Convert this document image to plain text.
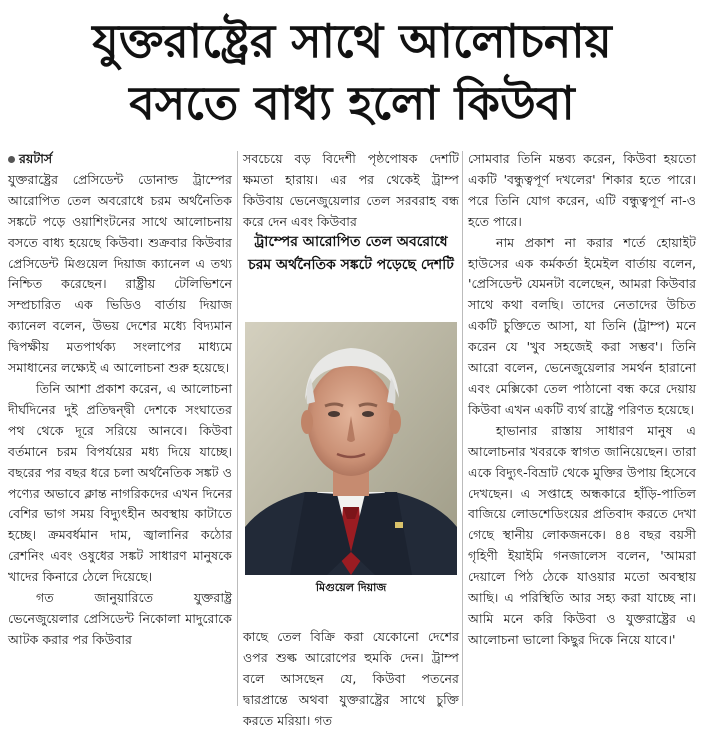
যুক্তরাষ্ট্রের সাথে আলোচনায়
বসতে বাধ্য হলো কিউবা
রয়টার্স

যুক্তরাষ্ট্রের প্রেসিডেন্ট ডোনাল্ড ট্রাম্পের আরোপিত তেল অবরোধে চরম অর্থনৈতিক সঙ্কটে পড়ে ওয়াশিংটনের সাথে আলোচনায় বসতে বাধ্য হয়েছে কিউবা। শুক্রবার কিউবার প্রেসিডেন্ট মিগুয়েল দিয়াজ ক্যানেল এ তথ্য নিশ্চিত করেছেন। রাষ্ট্রীয় টেলিভিশনে সম্প্রচারিত এক ভিডিও বার্তায় দিয়াজ ক্যানেল বলেন, উভয় দেশের মধ্যে বিদ্যমান দ্বিপক্ষীয় মতপার্থক্য সংলাপের মাধ্যমে সমাধানের লক্ষ্যেই এ আলোচনা শুরু হয়েছে।

তিনি আশা প্রকাশ করেন, এ আলোচনা দীর্ঘদিনের দুই প্রতিদ্বন্দ্বী দেশকে সংঘাতের পথ থেকে দূরে সরিয়ে আনবে। কিউবা বর্তমানে চরম বিপর্যয়ের মধ্য দিয়ে যাচ্ছে। বছরের পর বছর ধরে চলা অর্থনৈতিক সঙ্কট ও পণ্যের অভাবে ক্লান্ত নাগরিকদের এখন দিনের বেশির ভাগ সময় বিদ্যুৎহীন অবস্থায় কাটাতে হচ্ছে। ক্রমবর্ধমান দাম, জ্বালানির কঠোর রেশনিং এবং ওষুধের সঙ্কট সাধারণ মানুষকে খাদের কিনারে ঠেলে দিয়েছে।

গত জানুয়ারিতে যুক্তরাষ্ট্র ভেনেজুয়েলার প্রেসিডেন্ট নিকোলা মাদুরোকে আটক করার পর কিউবার

সবচেয়ে বড় বিদেশী পৃষ্ঠপোষক দেশটি ক্ষমতা হারায়। এর পর থেকেই ট্রাম্প কিউবায় ভেনেজুয়েলার তেল সরবরাহ বন্ধ করে দেন এবং কিউবার

ট্রাম্পের আরোপিত তেল অবরোধে চরম অর্থনৈতিক সঙ্কটে পড়েছে দেশটি
মিগুয়েল দিয়াজ

কাছে তেল বিক্রি করা যেকোনো দেশের ওপর শুল্ক আরোপের হুমকি দেন। ট্রাম্প বলে আসছেন যে, কিউবা পতনের দ্বারপ্রান্তে অথবা যুক্তরাষ্ট্রের সাথে চুক্তি করতে মরিয়া। গত

সোমবার তিনি মন্তব্য করেন, কিউবা হয়তো একটি 'বন্ধুত্বপূর্ণ দখলের' শিকার হতে পারে। পরে তিনি যোগ করেন, এটি বন্ধুত্বপূর্ণ না-ও হতে পারে।

নাম প্রকাশ না করার শর্তে হোয়াইট হাউসের এক কর্মকর্তা ইমেইল বার্তায় বলেন, 'প্রেসিডেন্ট যেমনটা বলেছেন, আমরা কিউবার সাথে কথা বলছি। তাদের নেতাদের উচিত একটি চুক্তিতে আসা, যা তিনি (ট্রাম্প) মনে করেন যে 'খুব সহজেই করা সম্ভব'। তিনি আরো বলেন, ভেনেজুয়েলার সমর্থন হারানো এবং মেক্সিকো তেল পাঠানো বন্ধ করে দেয়ায় কিউবা এখন একটি ব্যর্থ রাষ্ট্রে পরিণত হয়েছে।

হাভানার রাস্তায় সাধারণ মানুষ এ আলোচনার খবরকে স্বাগত জানিয়েছেন। তারা একে বিদ্যুৎ-বিভ্রাট থেকে মুক্তির উপায় হিসেবে দেখছেন। এ সপ্তাহে অন্ধকারে হাঁড়ি-পাতিল বাজিয়ে লোডশেডিংয়ের প্রতিবাদ করতে দেখা গেছে স্থানীয় লোকজনকে। ৪৪ বছর বয়সী গৃহিণী ইয়াইমি গনজালেস বলেন, 'আমরা দেয়ালে পিঠ ঠেকে যাওয়ার মতো অবস্থায় আছি। এ পরিস্থিতি আর সহ্য করা যাচ্ছে না। আমি মনে করি কিউবা ও যুক্তরাষ্ট্রের এ আলোচনা ভালো কিছুর দিকে নিয়ে যাবে।'
